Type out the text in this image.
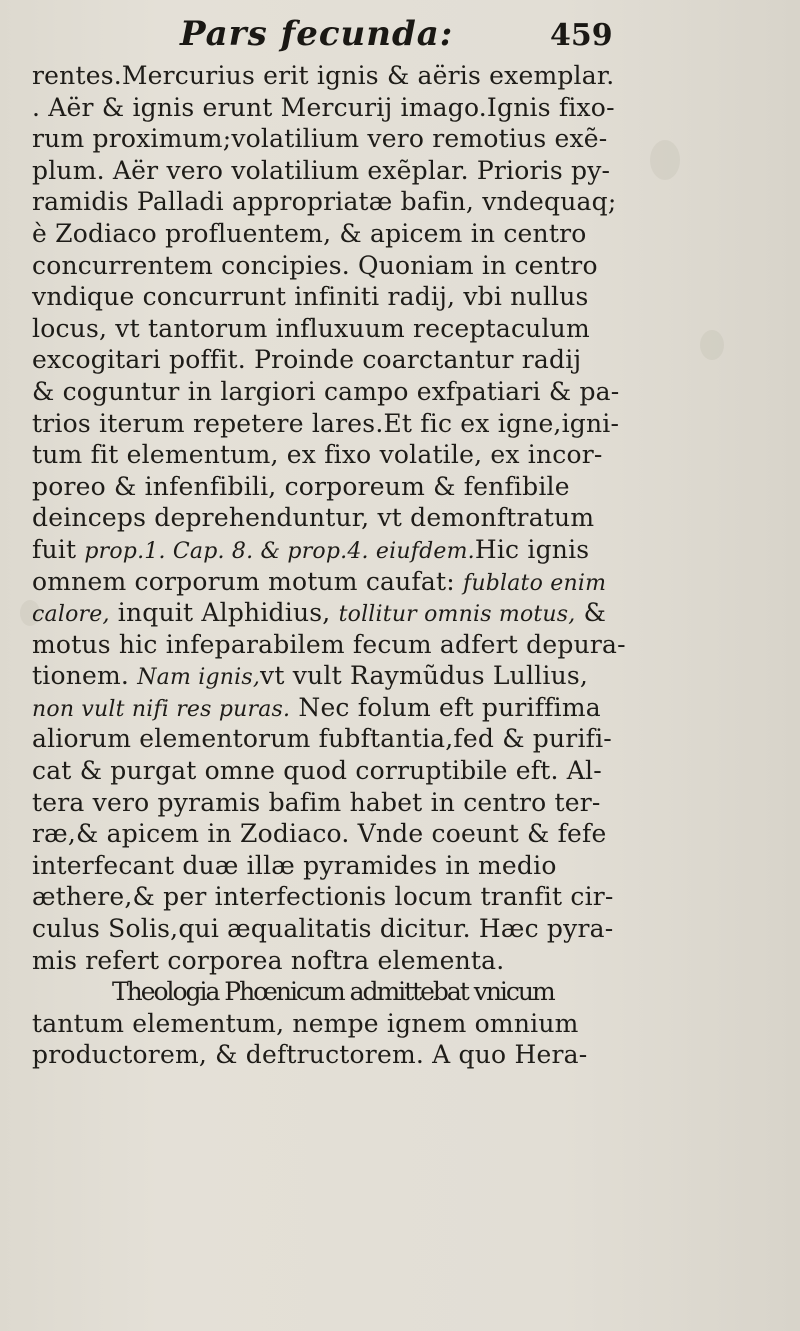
Pars fecunda:	459
rentes.Mercurius erit ignis & aëris exemplar.
. Aër & ignis erunt Mercurij imago.Ignis fixo-
rum proximum;volatilium vero remotius exẽ-
plum. Aër vero volatilium exẽplar. Prioris py-
ramidis Palladi appropriatæ bafin, vndequaq;
è Zodiaco profluentem, & apicem in centro
concurrentem concipies. Quoniam in centro
vndique concurrunt infiniti radij, vbi nullus
locus, vt tantorum influxuum receptaculum
excogitari poffit. Proinde coarctantur radij
& coguntur in largiori campo exfpatiari & pa-
trios iterum repetere lares.Et fic ex igne,igni-
tum fit elementum, ex fixo volatile, ex incor-
poreo & infenfibili, corporeum & fenfibile
deinceps deprehenduntur, vt demonftratum
fuit prop.1. Cap. 8. & prop.4. eiufdem.Hic ignis
omnem corporum motum caufat: fublato enim
calore, inquit Alphidius, tollitur omnis motus, &
motus hic infeparabilem fecum adfert depura-
tionem. Nam ignis,vt vult Raymũdus Lullius,
non vult nifi res puras. Nec folum eft puriffima
aliorum elementorum fubftantia,fed & purifi-
cat & purgat omne quod corruptibile eft. Al-
tera vero pyramis bafim habet in centro ter-
ræ,& apicem in Zodiaco. Vnde coeunt & fefe
interfecant duæ illæ pyramides in medio
æthere,& per interfectionis locum tranfit cir-
culus Solis,qui æqualitatis dicitur. Hæc pyra-
mis refert corporea noftra elementa.
Theologia Phœnicum admittebat vnicum
tantum elementum, nempe ignem omnium
productorem, & deftructorem. A quo Hera-
